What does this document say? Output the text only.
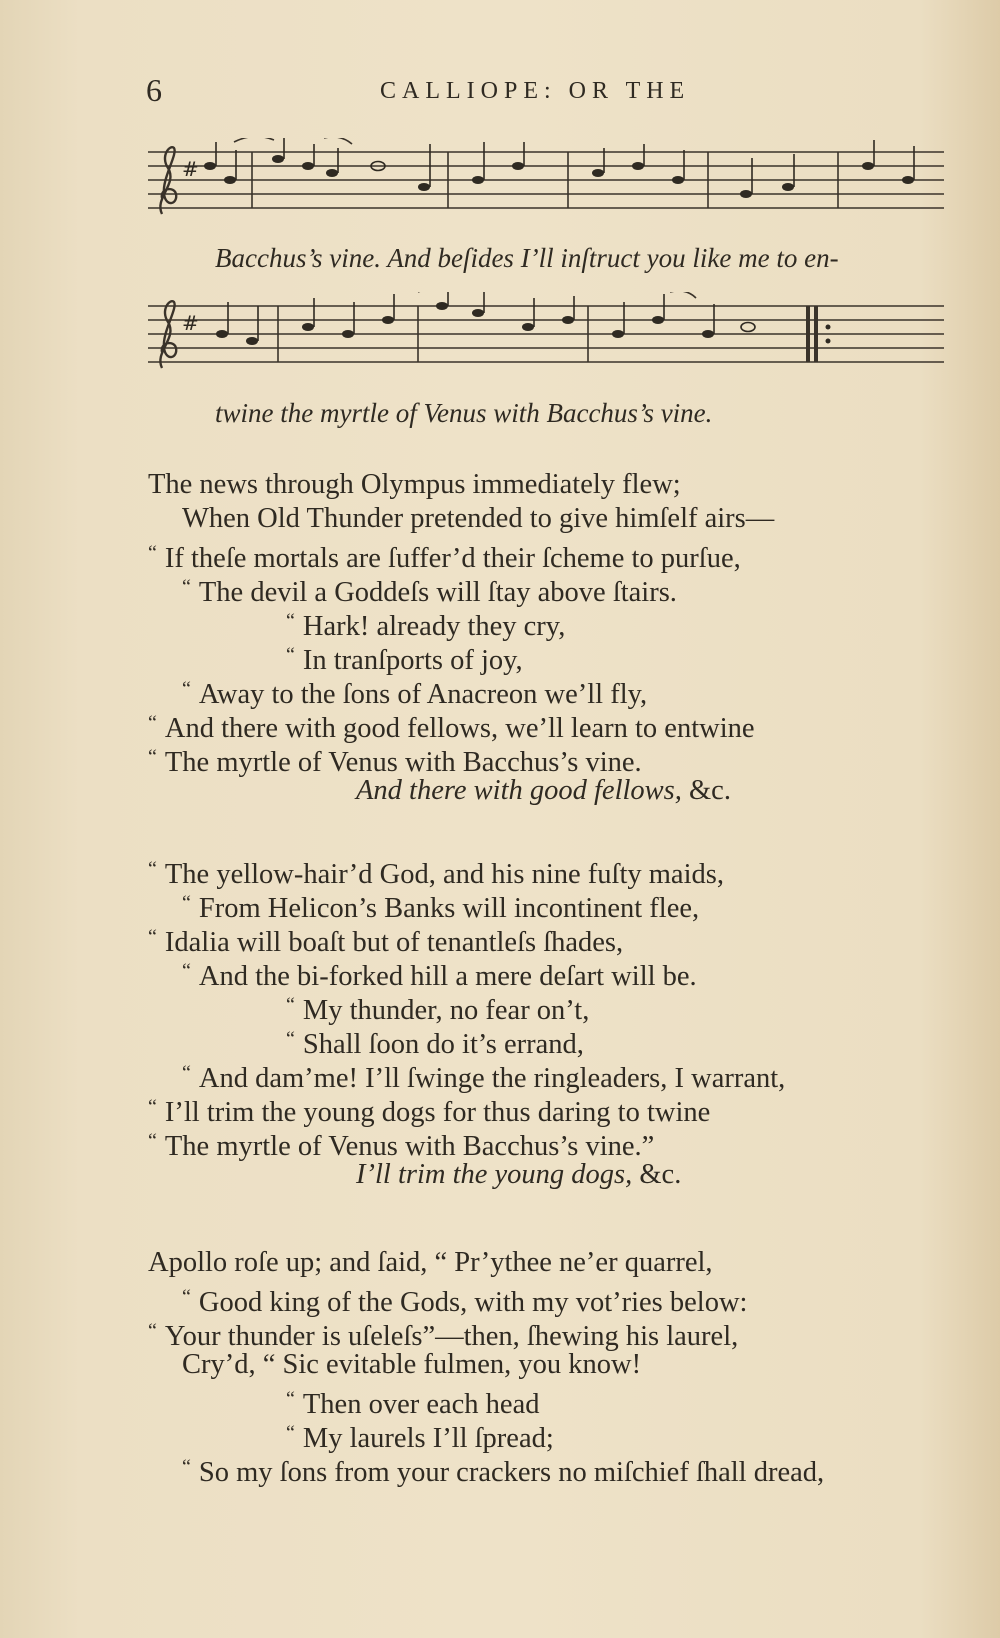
6	CALLIOPE: OR THE
#
Bacchus’s vine. And beſides I’ll inſtruct you like me to en-
#
twine the myrtle of Venus with Bacchus’s vine.
The news through Olympus immediately flew;
When Old Thunder pretended to give himſelf airs—
“ If theſe mortals are ſuffer’d their ſcheme to purſue,
“ The devil a Goddeſs will ſtay above ſtairs.
“ Hark! already they cry,
“ In tranſports of joy,
“ Away to the ſons of Anacreon we’ll fly,
“ And there with good fellows, we’ll learn to entwine
“ The myrtle of Venus with Bacchus’s vine.
And there with good fellows, &c.
“ The yellow-hair’d God, and his nine fuſty maids,
“ From Helicon’s Banks will incontinent flee,
“ Idalia will boaſt but of tenantleſs ſhades,
“ And the bi-forked hill a mere deſart will be.
“ My thunder, no fear on’t,
“ Shall ſoon do it’s errand,
“ And dam’me! I’ll ſwinge the ringleaders, I warrant,
“ I’ll trim the young dogs for thus daring to twine
“ The myrtle of Venus with Bacchus’s vine.”
I’ll trim the young dogs, &c.
Apollo roſe up; and ſaid, “ Pr’ythee ne’er quarrel,
“ Good king of the Gods, with my vot’ries below:
“ Your thunder is uſeleſs”—then, ſhewing his laurel,
Cry’d, “ Sic evitable fulmen, you know!
“ Then over each head
“ My laurels I’ll ſpread;
“ So my ſons from your crackers no miſchief ſhall dread,
